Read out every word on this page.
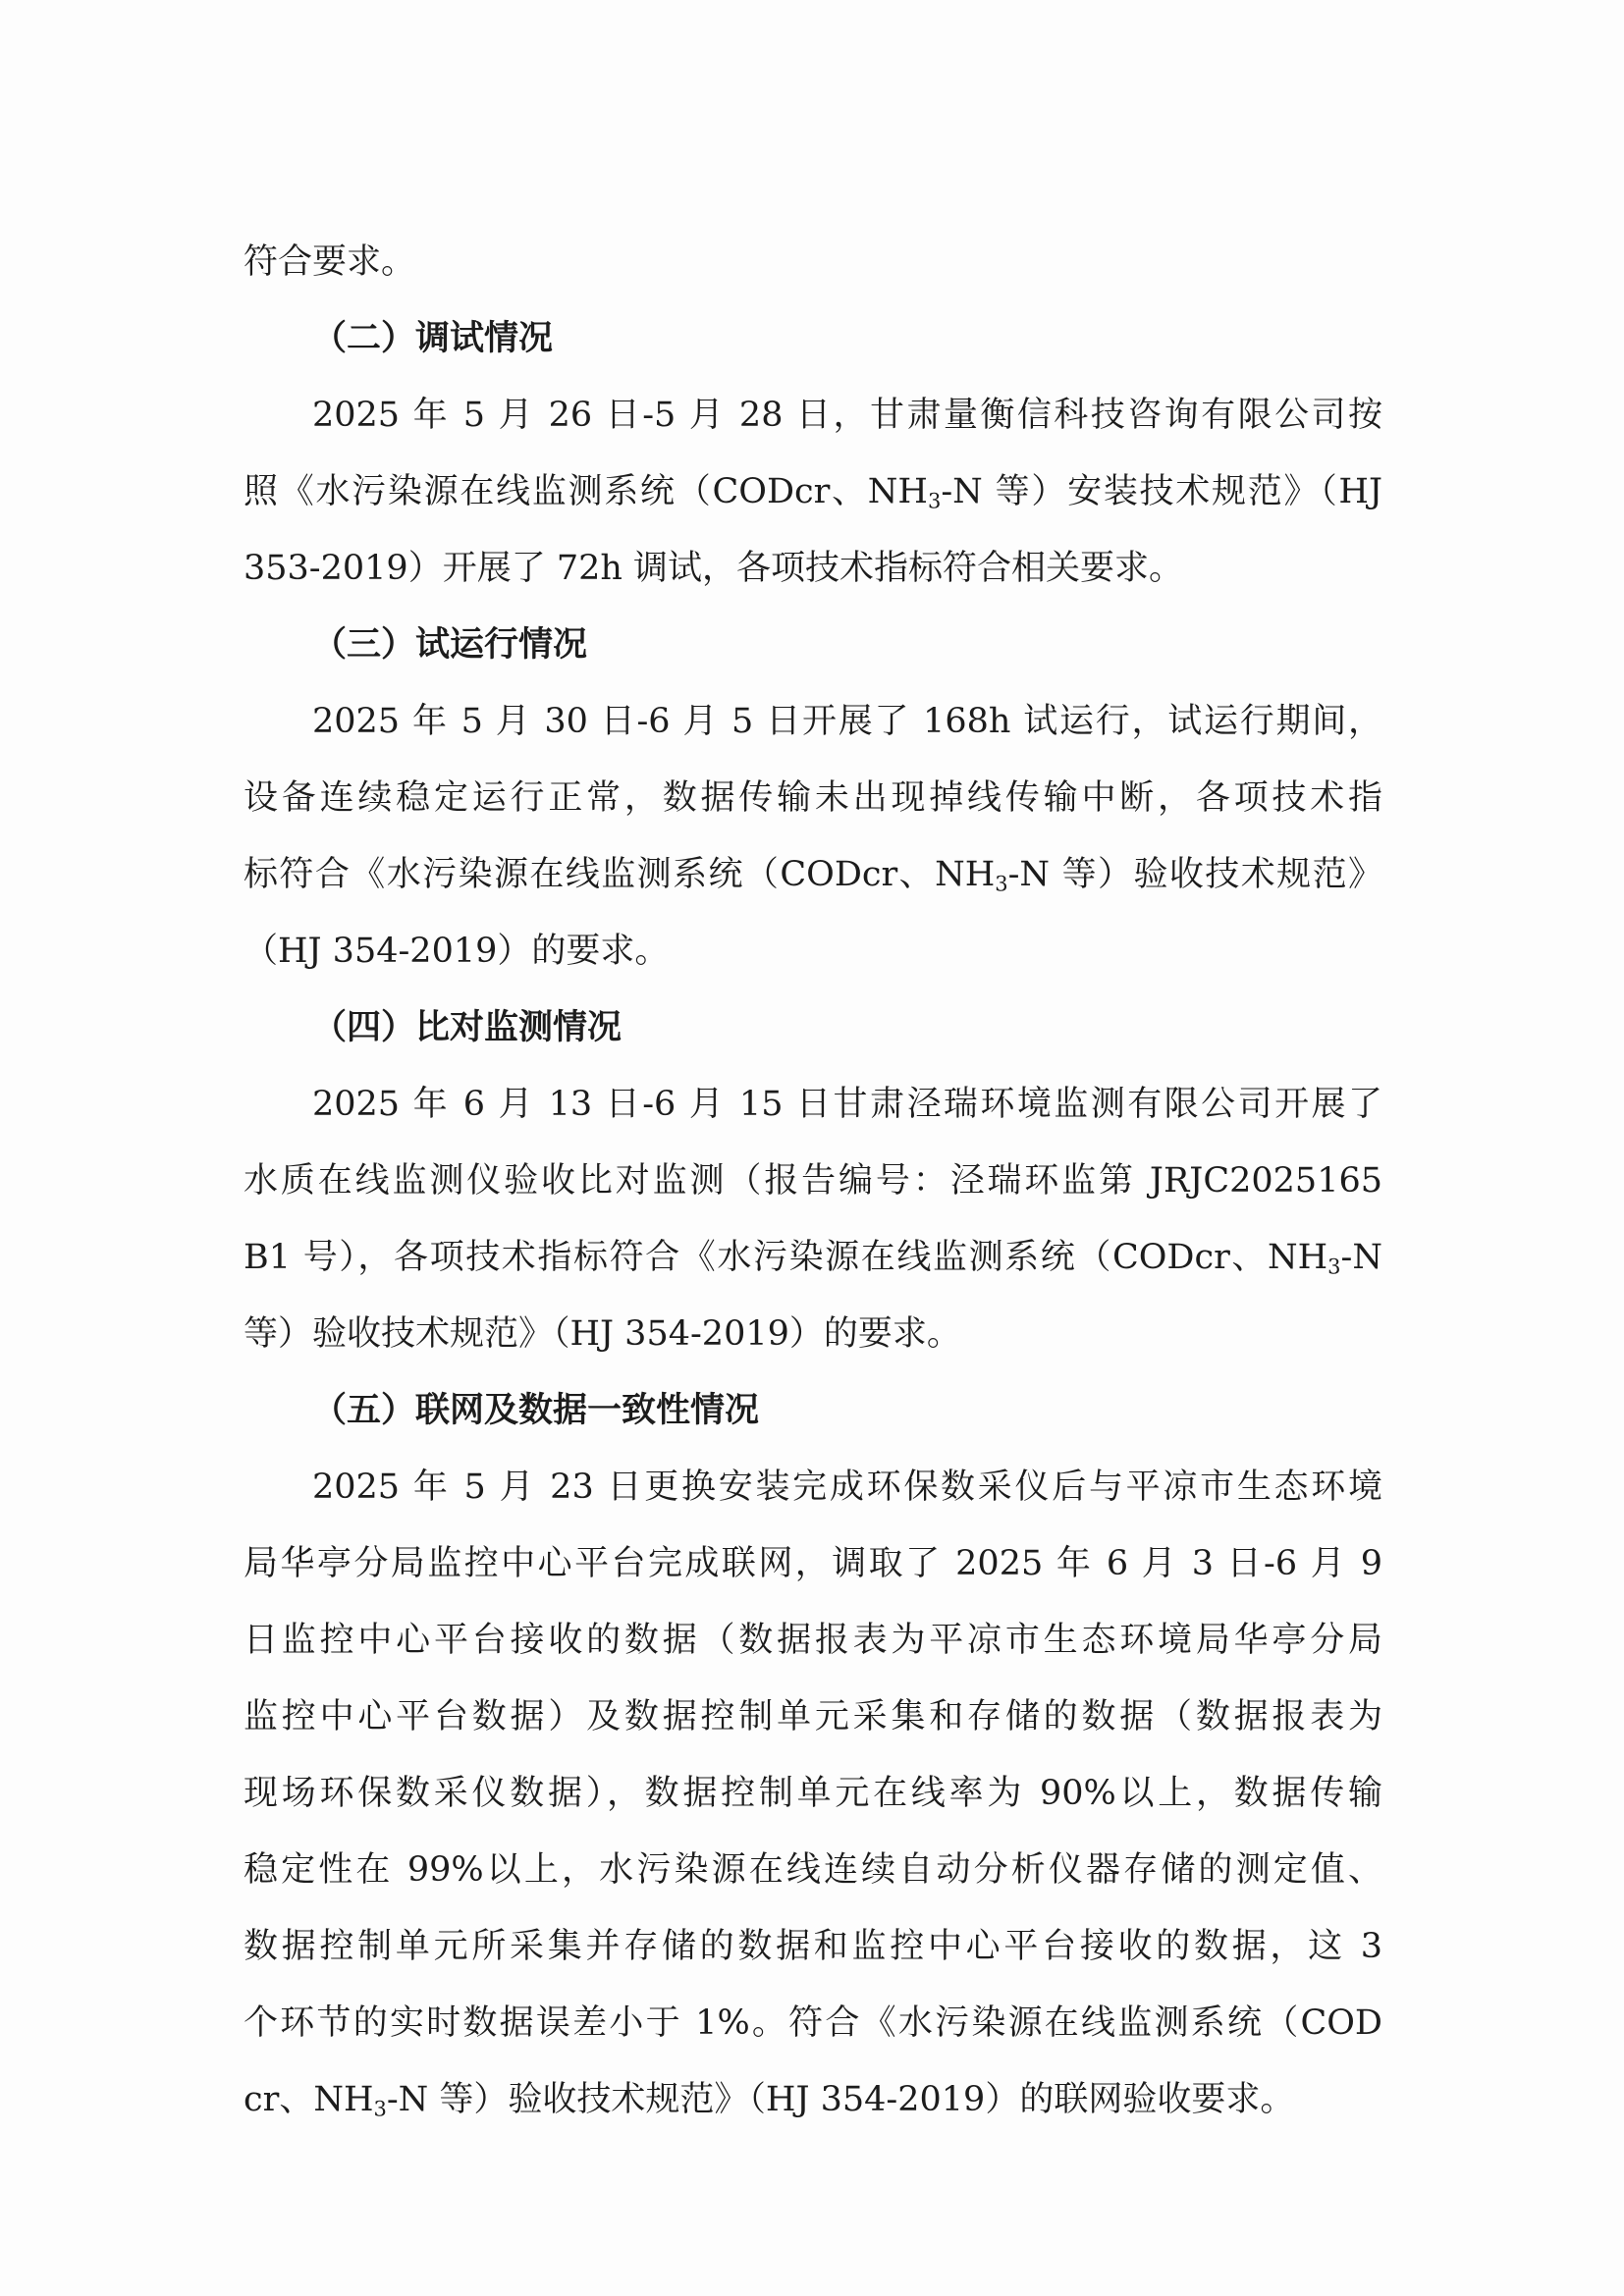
符合要求。
（二）调试情况
2025 年 5 月 26 日-5 月 28 日，甘肃量衡信科技咨询有限公司按
照《水污染源在线监测系统（CODcr、$NH_3-N$ 等）安装技术规范》（HJ
353-2019）开展了 72h 调试，各项技术指标符合相关要求。
（三）试运行情况
2025 年 5 月 30 日-6 月 5 日开展了 168h 试运行，试运行期间，
设备连续稳定运行正常，数据传输未出现掉线传输中断，各项技术指
标符合《水污染源在线监测系统（CODcr、$NH_3-N$ 等）验收技术规范》
（HJ 354-2019）的要求。
（四）比对监测情况
2025 年 6 月 13 日-6 月 15 日甘肃泾瑞环境监测有限公司开展了
水质在线监测仪验收比对监测（报告编号：泾瑞环监第 JRJC2025165
B1 号），各项技术指标符合《水污染源在线监测系统（CODcr、$NH_3-N$
等）验收技术规范》（HJ 354-2019）的要求。
（五）联网及数据一致性情况
2025 年 5 月 23 日更换安装完成环保数采仪后与平凉市生态环境
局华亭分局监控中心平台完成联网，调取了 2025 年 6 月 3 日-6 月 9
日监控中心平台接收的数据（数据报表为平凉市生态环境局华亭分局
监控中心平台数据）及数据控制单元采集和存储的数据（数据报表为
现场环保数采仪数据），数据控制单元在线率为 90%以上，数据传输
稳定性在 99%以上，水污染源在线连续自动分析仪器存储的测定值、
数据控制单元所采集并存储的数据和监控中心平台接收的数据，这 3
个环节的实时数据误差小于 1%。符合《水污染源在线监测系统（COD
cr、$NH_3-N$ 等）验收技术规范》（HJ 354-2019）的联网验收要求。
